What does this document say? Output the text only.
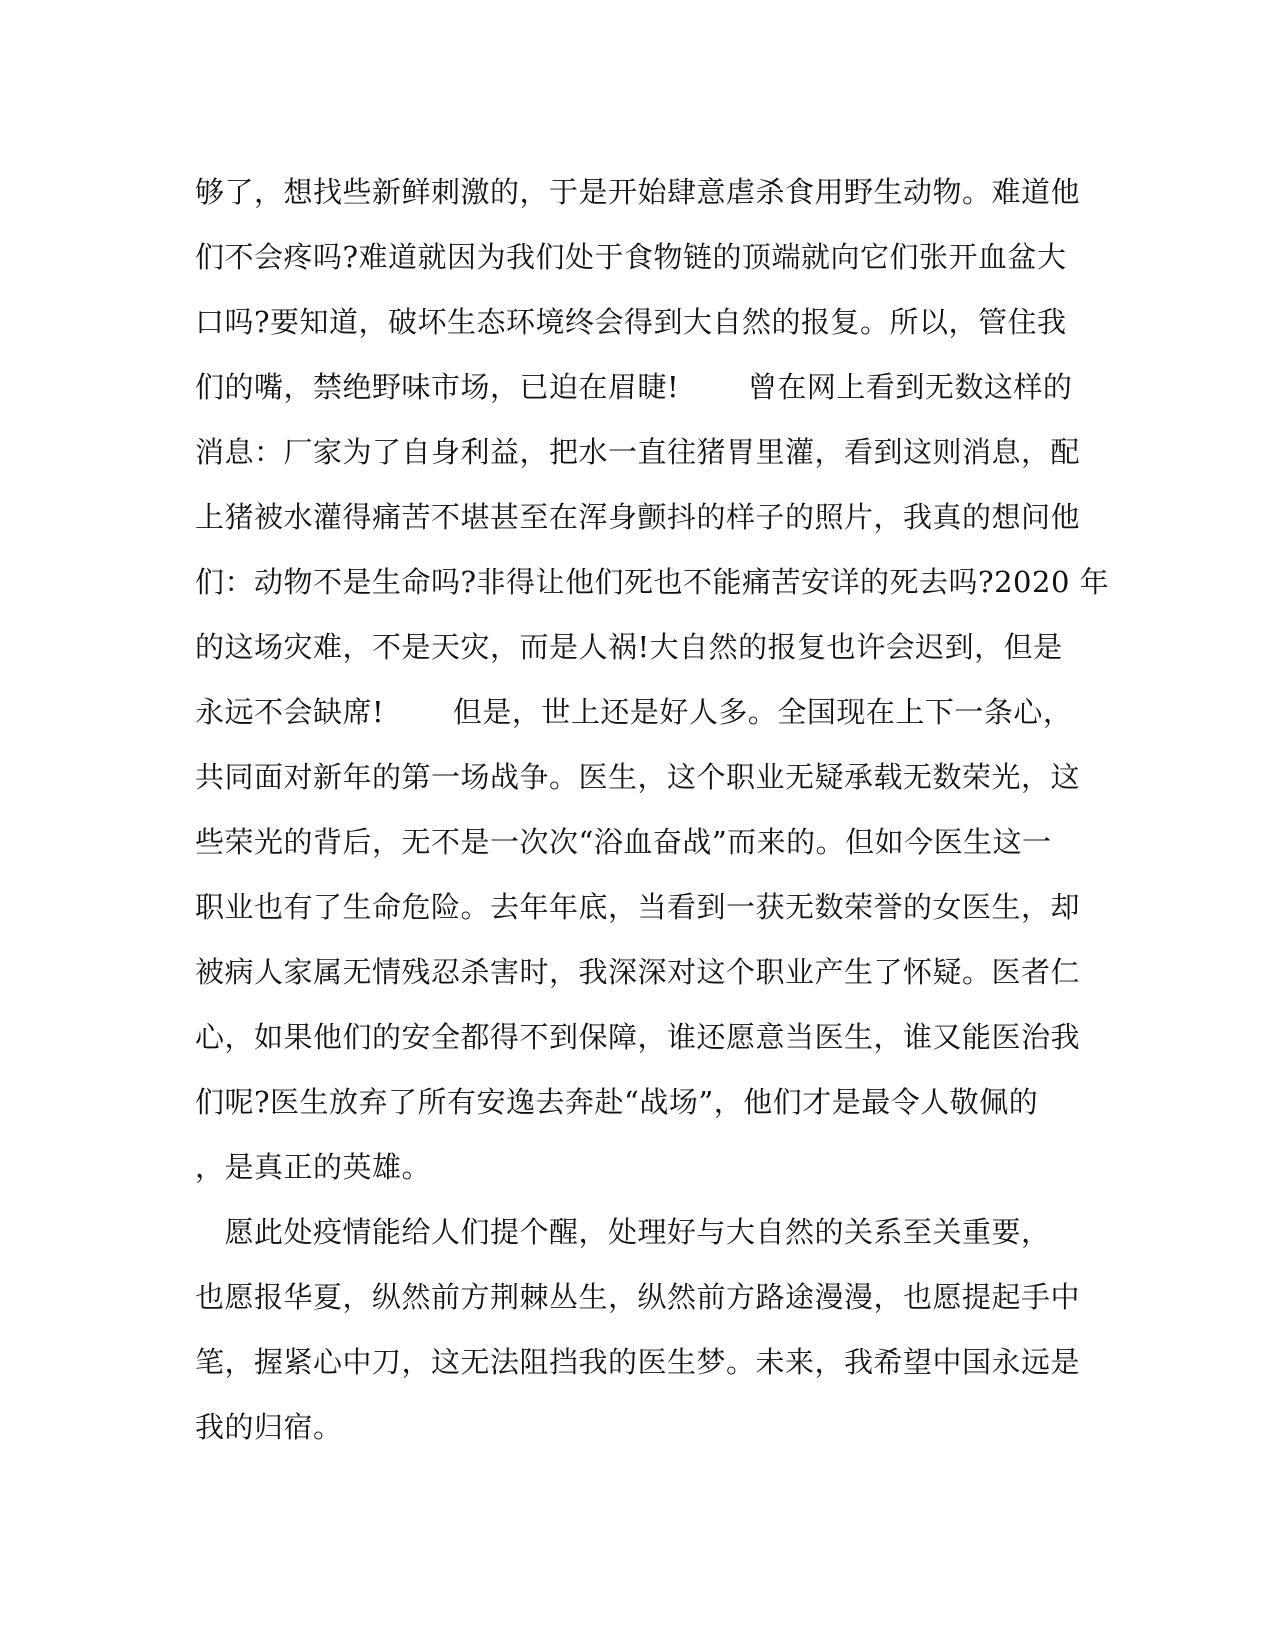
够了，想找些新鲜刺激的，于是开始肆意虐杀食用野生动物。难道他
们不会疼吗?难道就因为我们处于食物链的顶端就向它们张开血盆大
口吗?要知道，破坏生态环境终会得到大自然的报复。所以，管住我
们的嘴，禁绝野味市场，已迫在眉睫!　　 曾在网上看到无数这样的
消息：厂家为了自身利益，把水一直往猪胃里灌，看到这则消息，配
上猪被水灌得痛苦不堪甚至在浑身颤抖的样子的照片，我真的想问他
们：动物不是生命吗?非得让他们死也不能痛苦安详的死去吗?2020 年
的这场灾难，不是天灾，而是人祸!大自然的报复也许会迟到，但是
永远不会缺席!　　 但是，世上还是好人多。全国现在上下一条心，
共同面对新年的第一场战争。医生，这个职业无疑承载无数荣光，这
些荣光的背后，无不是一次次“浴血奋战”而来的。但如今医生这一
职业也有了生命危险。去年年底，当看到一获无数荣誉的女医生，却
被病人家属无情残忍杀害时，我深深对这个职业产生了怀疑。医者仁
心，如果他们的安全都得不到保障，谁还愿意当医生，谁又能医治我
们呢?医生放弃了所有安逸去奔赴“战场”，他们才是最令人敬佩的
，是真正的英雄。
　愿此处疫情能给人们提个醒，处理好与大自然的关系至关重要，
也愿报华夏，纵然前方荆棘丛生，纵然前方路途漫漫，也愿提起手中
笔，握紧心中刀，这无法阻挡我的医生梦。未来，我希望中国永远是
我的归宿。
